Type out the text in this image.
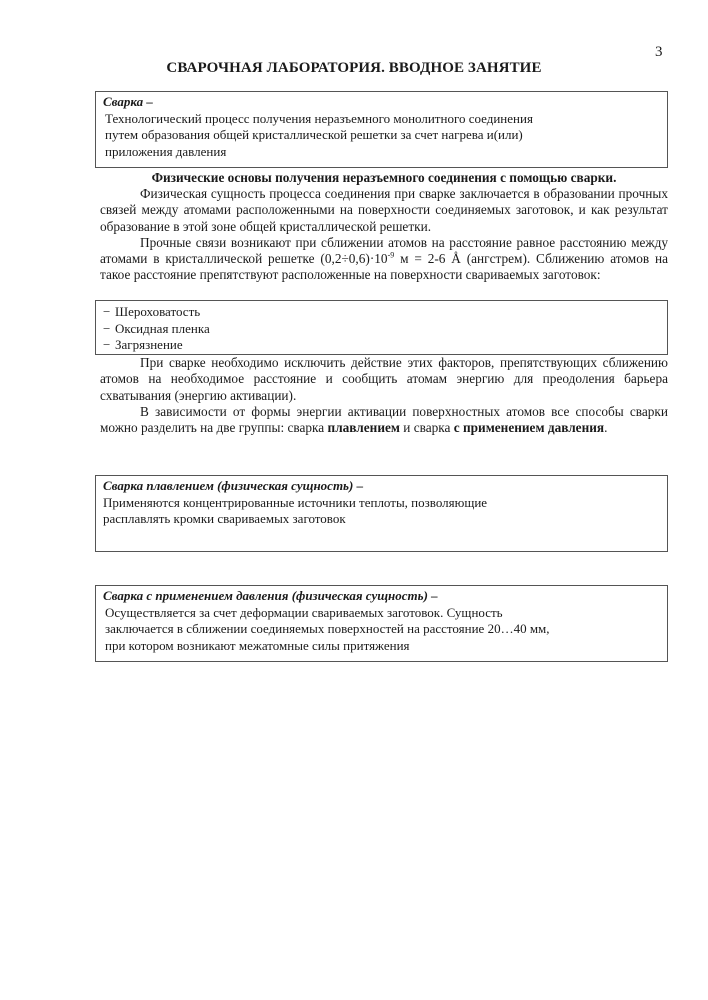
3
СВАРОЧНАЯ ЛАБОРАТОРИЯ. ВВОДНОЕ ЗАНЯТИЕ
Сварка –
Технологический процесс получения неразъемного монолитного соединения
путем образования общей кристаллической решетки за счет нагрева и(или)
приложения давления
Физические основы получения неразъемного соединения с помощью сварки.

Физическая сущность процесса соединения при сварке заключается в образовании прочных связей между атомами расположенными на поверхности соединяемых заготовок, и как результат образование в этой зоне общей кристаллической решетки.

Прочные связи возникают при сближении атомов на расстояние равное расстоянию между атомами в кристаллической решетке $(0,2\div 0,6)\cdot 10^{-9}$ м = 2-6 Å (ангстрем). Сближению атомов на такое расстояние препятствуют расположенные на поверхности свариваемых заготовок:

− Шероховатость
− Оксидная пленка
− Загрязнение

При сварке необходимо исключить действие этих факторов, препятствующих сближению атомов на необходимое расстояние и сообщить атомам энергию для преодоления барьера схватывания (энергию активации).

В зависимости от формы энергии активации поверхностных атомов все способы сварки можно разделить на две группы: сварка плавлением и сварка с применением давления.

Сварка плавлением (физическая сущность) –
Применяются концентрированные источники теплоты, позволяющие
расплавлять кромки свариваемых заготовок
Сварка с применением давления (физическая сущность) –
Осуществляется за счет деформации свариваемых заготовок. Сущность
заключается в сближении соединяемых поверхностей на расстояние 20…40 мм,
при котором возникают межатомные силы притяжения
